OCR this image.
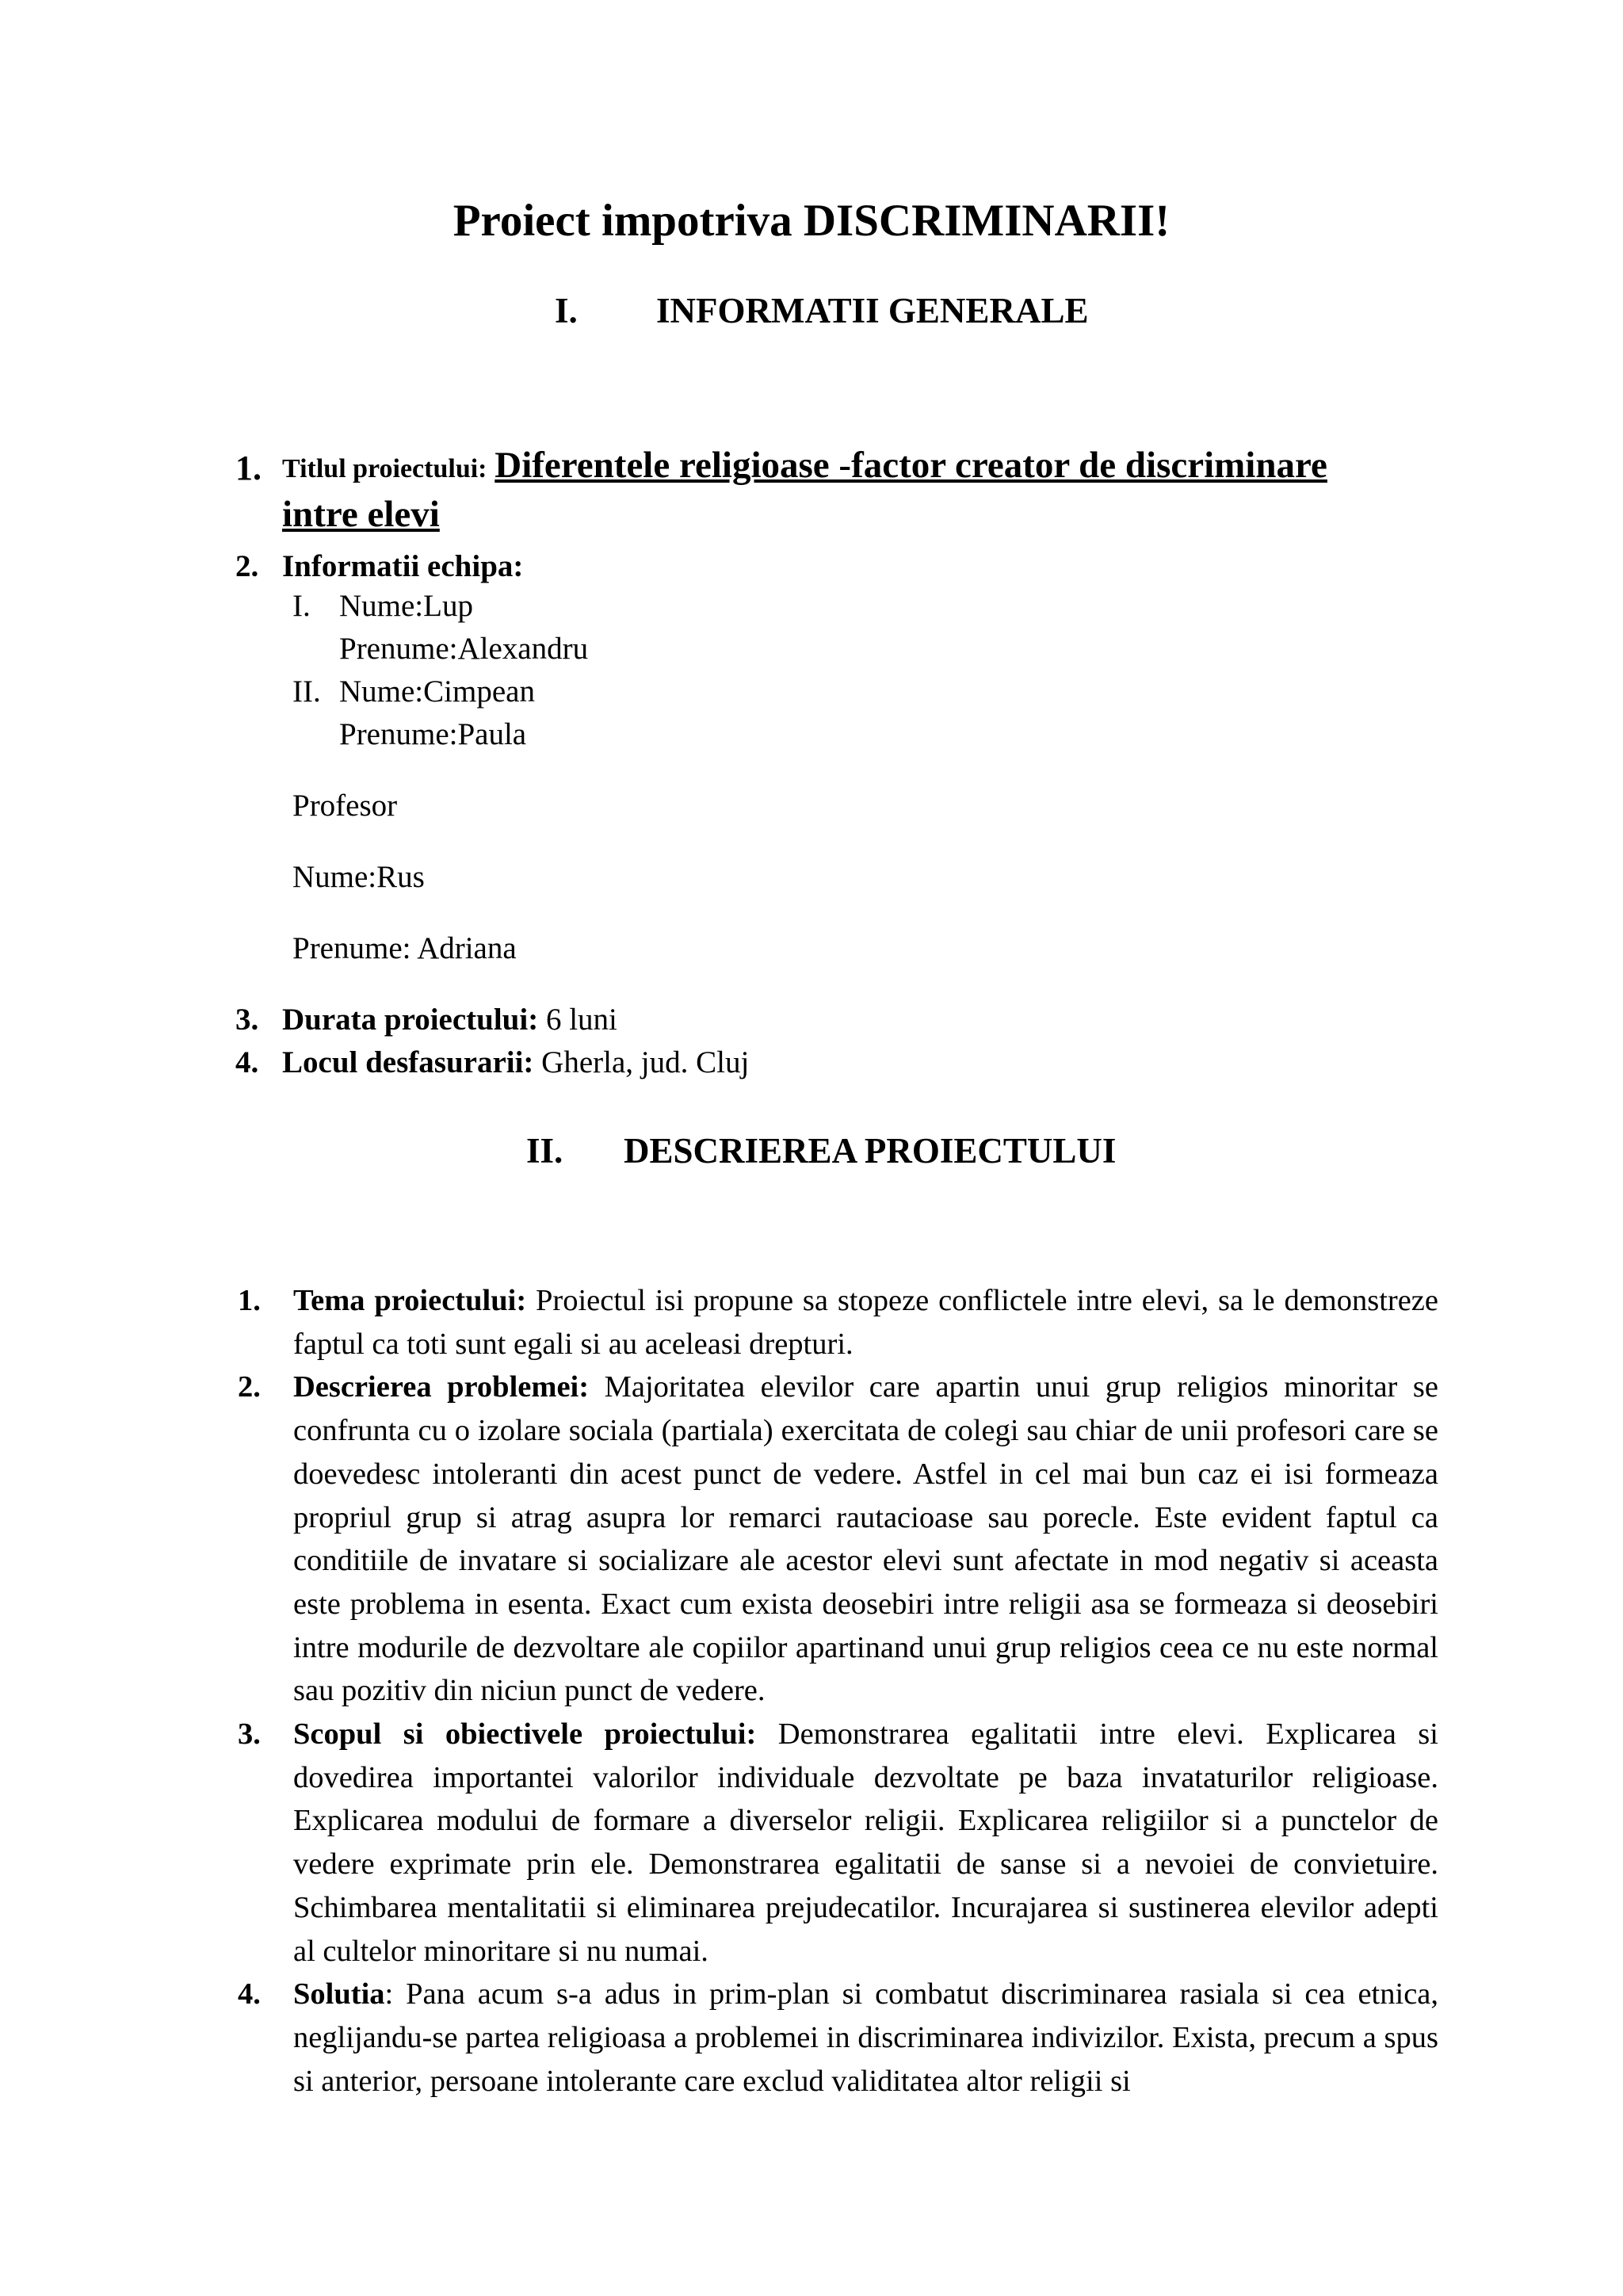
Proiect impotriva DISCRIMINARII!
I. INFORMATII GENERALE
1. Titlul proiectului: Diferentele religioase -factor creator de discriminare
intre elevi
2. Informatii echipa:
I. Nume:Lup
Prenume:Alexandru
II. Nume:Cimpean
Prenume:Paula
Profesor
Nume:Rus
Prenume: Adriana
3. Durata proiectului: 6 luni
4. Locul desfasurarii: Gherla, jud. Cluj
II. DESCRIEREA PROIECTULUI
1. Tema proiectului: Proiectul isi propune sa stopeze conflictele intre elevi, sa le demonstreze faptul ca toti sunt egali si au aceleasi drepturi.
2. Descrierea problemei: Majoritatea elevilor care apartin unui grup religios minoritar se confrunta cu o izolare sociala (partiala) exercitata de colegi sau chiar de unii profesori care se doevedesc intoleranti din acest punct de vedere. Astfel in cel mai bun caz ei isi formeaza propriul grup si atrag asupra lor remarci rautacioase sau porecle. Este evident faptul ca conditiile de invatare si socializare ale acestor elevi sunt afectate in mod negativ si aceasta este problema in esenta. Exact cum exista deosebiri intre religii asa se formeaza si deosebiri intre modurile de dezvoltare ale copiilor apartinand unui grup religios ceea ce nu este normal sau pozitiv din niciun punct de vedere.
3. Scopul si obiectivele proiectului: Demonstrarea egalitatii intre elevi. Explicarea si dovedirea importantei valorilor individuale dezvoltate pe baza invataturilor religioase. Explicarea modului de formare a diverselor religii. Explicarea religiilor si a punctelor de vedere exprimate prin ele. Demonstrarea egalitatii de sanse si a nevoiei de convietuire. Schimbarea mentalitatii si eliminarea prejudecatilor. Incurajarea si sustinerea elevilor adepti al cultelor minoritare si nu numai.
4. Solutia: Pana acum s-a adus in prim-plan si combatut discriminarea rasiala si cea etnica, neglijandu-se partea religioasa a problemei in discriminarea indivizilor. Exista, precum a spus si anterior, persoane intolerante care exclud validitatea altor religii si
